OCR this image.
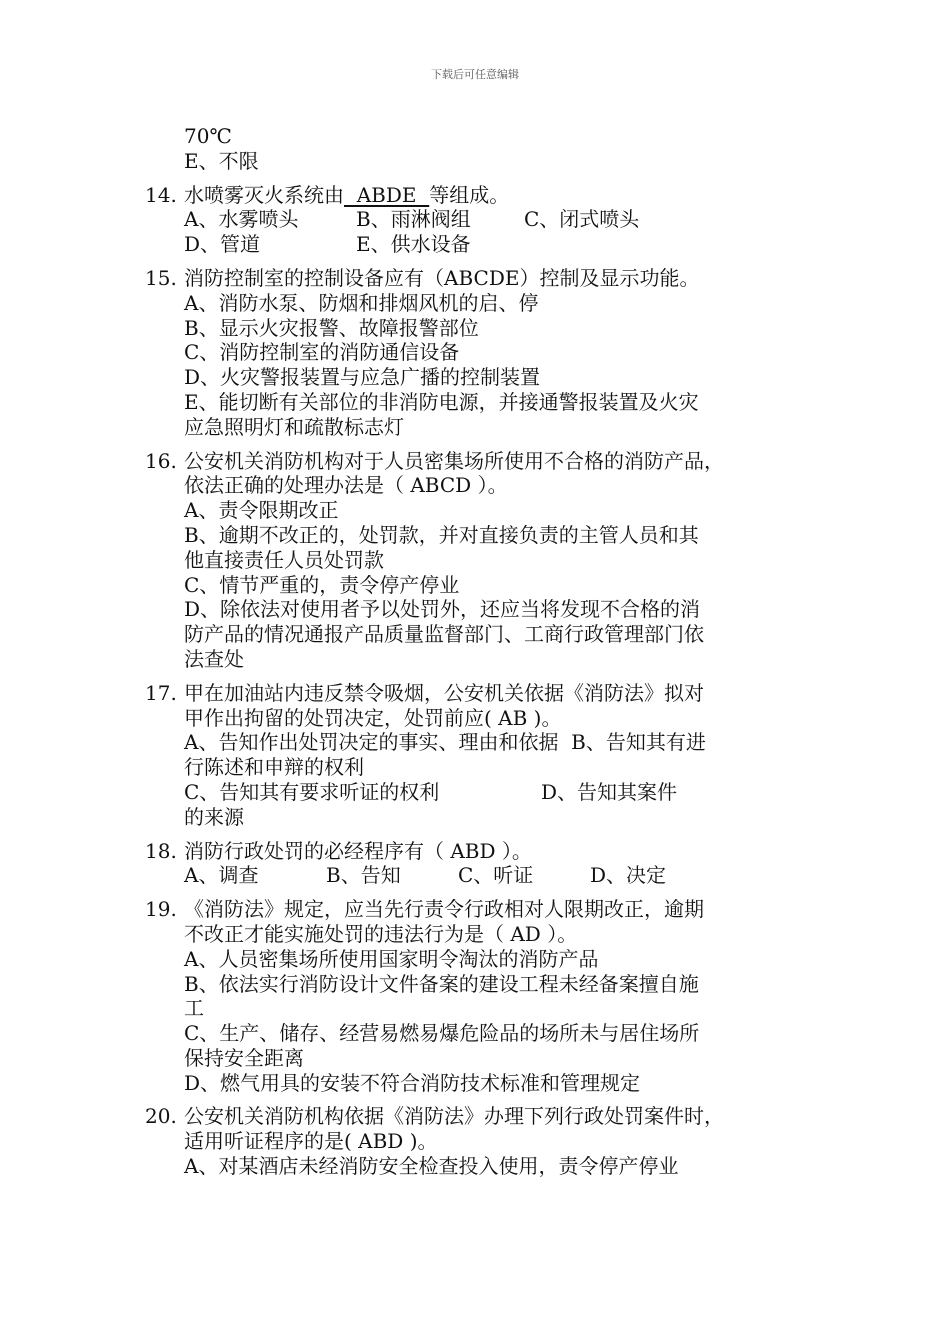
下载后可任意编辑
70℃
E、不限
14. 水喷雾灭火系统由  ABDE  等组成。
A、水雾喷头	B、雨淋阀组	C、闭式喷头
D、管道	E、供水设备
15. 消防控制室的控制设备应有（ABCDE）控制及显示功能。
A、消防水泵、防烟和排烟风机的启、停
B、显示火灾报警、故障报警部位
C、消防控制室的消防通信设备
D、火灾警报装置与应急广播的控制装置
E、能切断有关部位的非消防电源，并接通警报装置及火灾
应急照明灯和疏散标志灯
16. 公安机关消防机构对于人员密集场所使用不合格的消防产品，
依法正确的处理办法是（ ABCD ）。
A、责令限期改正
B、逾期不改正的，处罚款，并对直接负责的主管人员和其
他直接责任人员处罚款
C、情节严重的，责令停产停业
D、除依法对使用者予以处罚外，还应当将发现不合格的消
防产品的情况通报产品质量监督部门、工商行政管理部门依
法查处
17. 甲在加油站内违反禁令吸烟，公安机关依据《消防法》拟对
甲作出拘留的处罚决定，处罚前应( AB )。
A、告知作出处罚决定的事实、理由和依据  B、告知其有进
行陈述和申辩的权利
C、告知其有要求听证的权利                D、告知其案件
的来源
18. 消防行政处罚的必经程序有（ ABD ）。
A、调查	B、告知	C、听证	D、决定
19. 《消防法》规定，应当先行责令行政相对人限期改正，逾期
不改正才能实施处罚的违法行为是（ AD ）。
A、人员密集场所使用国家明令淘汰的消防产品
B、依法实行消防设计文件备案的建设工程未经备案擅自施
工
C、生产、储存、经营易燃易爆危险品的场所未与居住场所
保持安全距离
D、燃气用具的安装不符合消防技术标准和管理规定
20. 公安机关消防机构依据《消防法》办理下列行政处罚案件时，
适用听证程序的是( ABD )。
A、对某酒店未经消防安全检查投入使用，责令停产停业
